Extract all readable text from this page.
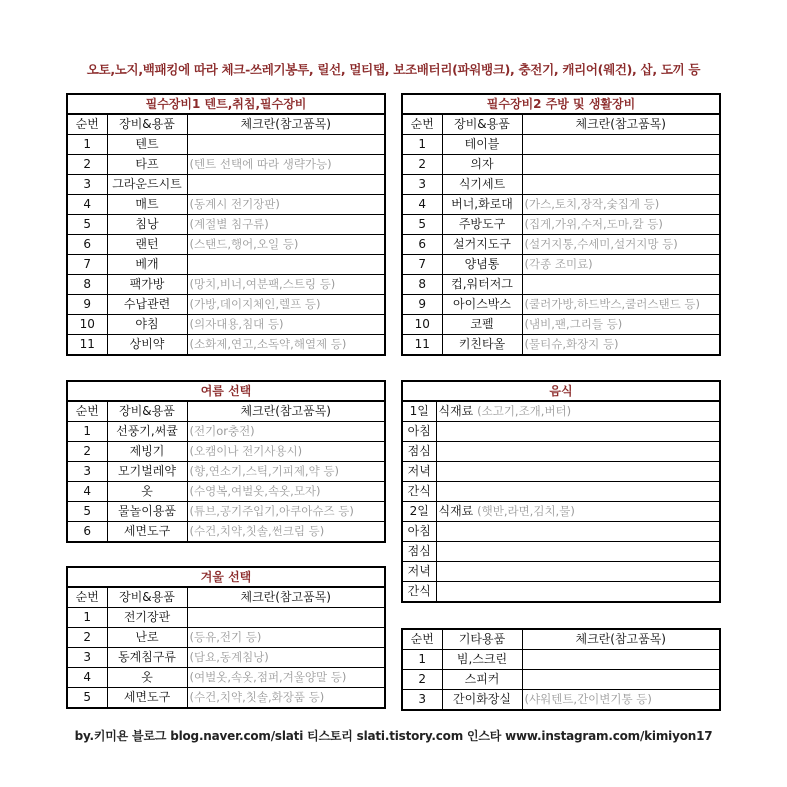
오토,노지,백패킹에 따라 체크-쓰레기봉투, 릴선, 멀티탭, 보조배터리(파워뱅크), 충전기, 캐리어(웨건), 삽, 도끼 등
필수장비1 텐트,취침,필수장비		
순번	장비&용품	체크란(참고품목)
1	텐트	
2	타프	(텐트 선택에 따라 생략가능)
3	그라운드시트	
4	매트	(동계시 전기장판)
5	침낭	(계절별 침구류)
6	랜턴	(스탠드,행어,오일 등)
7	베개	
8	팩가방	(망치,비너,여분팩,스트링 등)
9	수납관련	(가방,데이지체인,렐프 등)
10	야침	(의자대용,침대 등)
11	상비약	(소화제,연고,소독약,해열제 등)
필수장비2 주방 및 생활장비		
순번	장비&용품	체크란(참고품목)
1	테이블	
2	의자	
3	식기세트	
4	버너,화로대	(가스,토치,장작,숯집게 등)
5	주방도구	(집게,가위,수저,도마,칼 등)
6	설거지도구	(설거지통,수세미,설거지망 등)
7	양념통	(각종 조미료)
8	컵,워터저그	
9	아이스박스	(쿨러가방,하드박스,쿨러스탠드 등)
10	코펠	(냄비,팬,그리들 등)
11	키친타올	(물티슈,화장지 등)
여름 선택		
순번	장비&용품	체크란(참고품목)
1	선풍기,써큘	(전기or충전)
2	제빙기	(오캠이나 전기사용시)
3	모기벌레약	(향,연소기,스틱,기피제,약 등)
4	옷	(수영복,여벌옷,속옷,모자)
5	물놀이용품	(튜브,공기주입기,아쿠아슈즈 등)
6	세면도구	(수건,치약,칫솔,썬크림 등)
음식	
1일	식재료 (소고기,조개,버터)
아침	
점심	
저녁	
간식	
2일	식재료 (햇반,라면,김치,물)
아침	
점심	
저녁	
간식	
겨울 선택		
순번	장비&용품	체크란(참고품목)
1	전기장판	
2	난로	(등유,전기 등)
3	동계침구류	(담요,동계침낭)
4	옷	(여벌옷,속옷,점퍼,겨울양말 등)
5	세면도구	(수건,치약,칫솔,화장품 등)
순번	기타용품	체크란(참고품목)
1	빔,스크린	
2	스피커	
3	간이화장실	(샤워텐트,간이변기통 등)
by.키미욘 블로그 blog.naver.com/slati 티스토리 slati.tistory.com 인스타 www.instagram.com/kimiyon17
